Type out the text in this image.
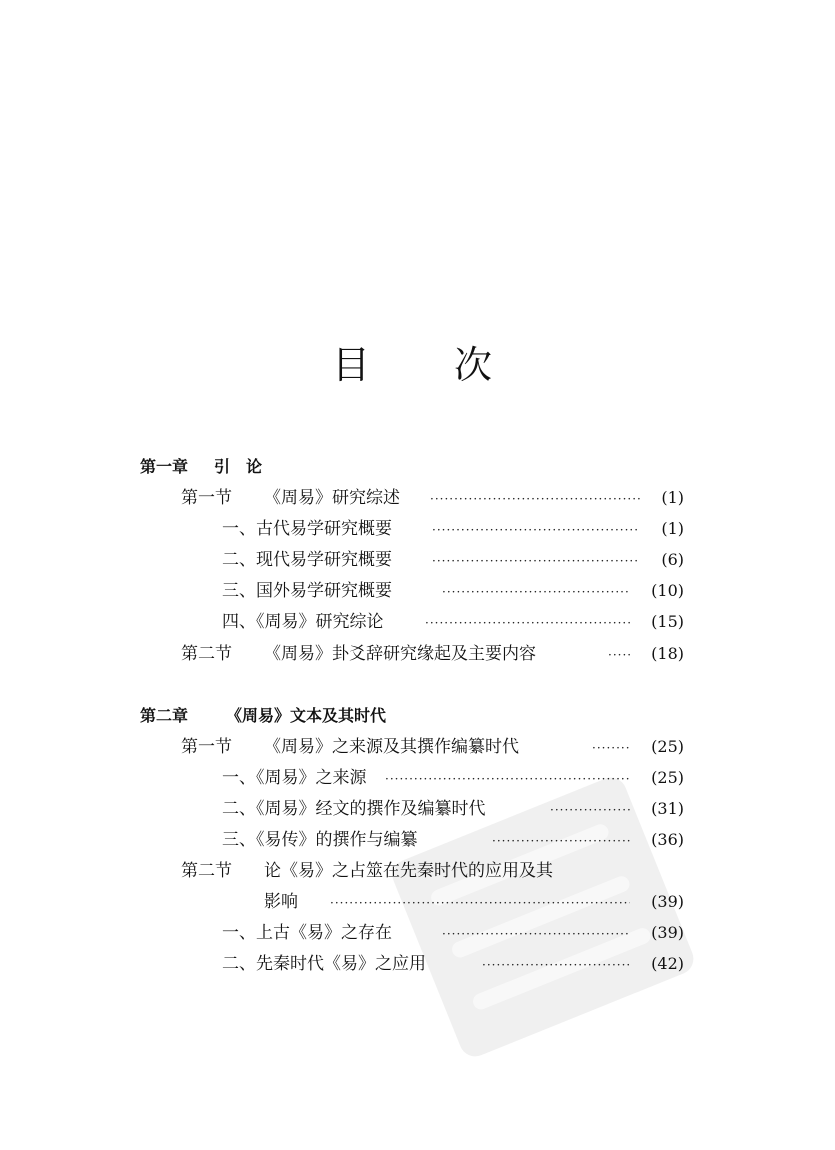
目 次
第一章 引　论
第一节 《周易》研究综述 ·····	(1)
一、古代易学研究概要 ·····	(1)
二、现代易学研究概要 ·····	(6)
三、国外易学研究概要 ·····	(10)
四、《周易》研究综论 ·····	(15)
第二节 《周易》卦爻辞研究缘起及主要内容 ·····	(18)
第二章 《周易》文本及其时代
第一节 《周易》之来源及其撰作编纂时代 ·····	(25)
一、《周易》之来源 ·····	(25)
二、《周易》经文的撰作及编纂时代 ·····	(31)
三、《易传》的撰作与编纂 ·····	(36)
第二节 论《易》之占筮在先秦时代的应用及其
影响 ·····	(39)
一、上古《易》之存在 ·····	(39)
二、先秦时代《易》之应用 ·····	(42)
